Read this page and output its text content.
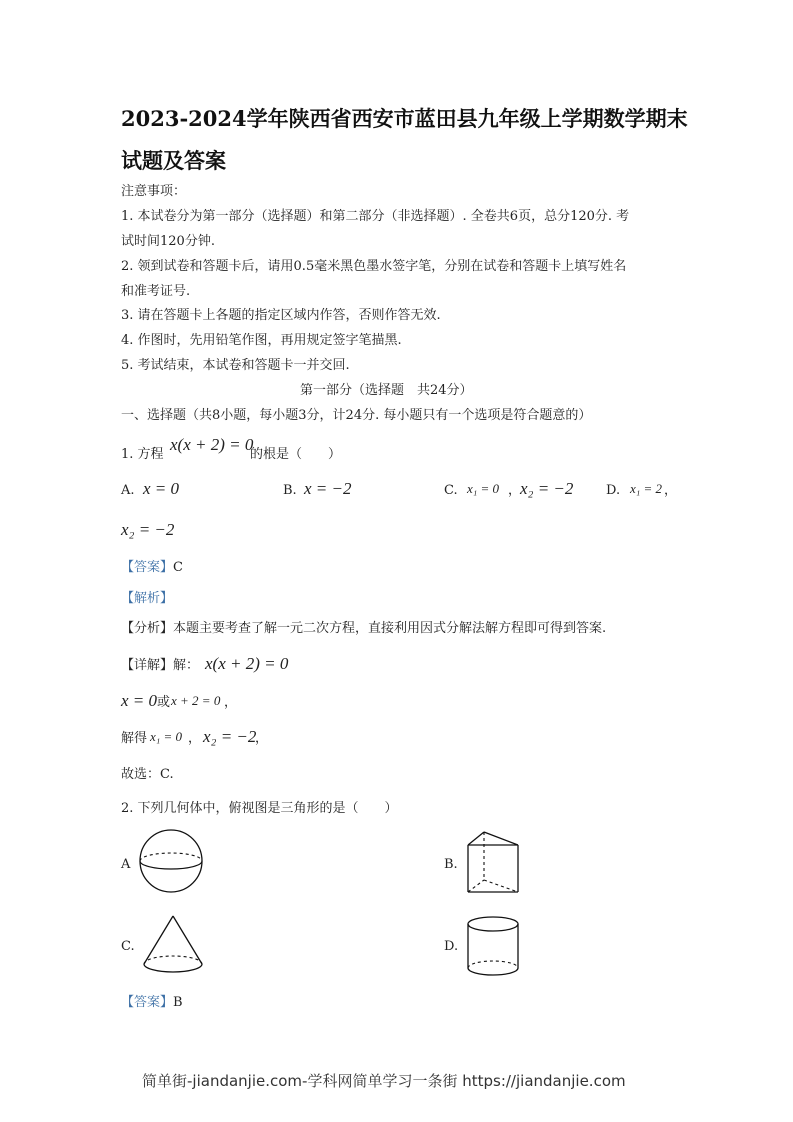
2023-2024学年陕西省西安市蓝田县九年级上学期数学期末
试题及答案
注意事项：
1. 本试卷分为第一部分（选择题）和第二部分（非选择题）. 全卷共6页，总分120分. 考
试时间120分钟.
2. 领到试卷和答题卡后，请用0.5毫米黑色墨水签字笔，分别在试卷和答题卡上填写姓名
和准考证号.
3. 请在答题卡上各题的指定区域内作答，否则作答无效.
4. 作图时，先用铅笔作图，再用规定签字笔描黑.
5. 考试结束，本试卷和答题卡一并交回.
第一部分（选择题　共24分）
一、选择题（共8小题，每小题3分，计24分. 每小题只有一个选项是符合题意的）
1. 方程
x(x + 2) = 0
的根是（　　）
A. x = 0	B. x = −2	C. x₁ = 0 ，
x₂ = −2	D. x₁ = 2 ，
x₂ = −2
【答案】 C
【解析】
【分析】 本题主要考查了解一元二次方程，直接利用因式分解法解方程即可得到答案.
【详解】 解： x(x + 2) = 0
x = 0 或 x + 2 = 0 ，
解得 x₁ = 0 ， x₂ = −2
，
故选：C.
2. 下列几何体中，俯视图是三角形的是（　　）
A	B.
C.	D.
【答案】 B
简单街-jiandanjie.com-学科网简单学习一条街 https://jiandanjie.com
